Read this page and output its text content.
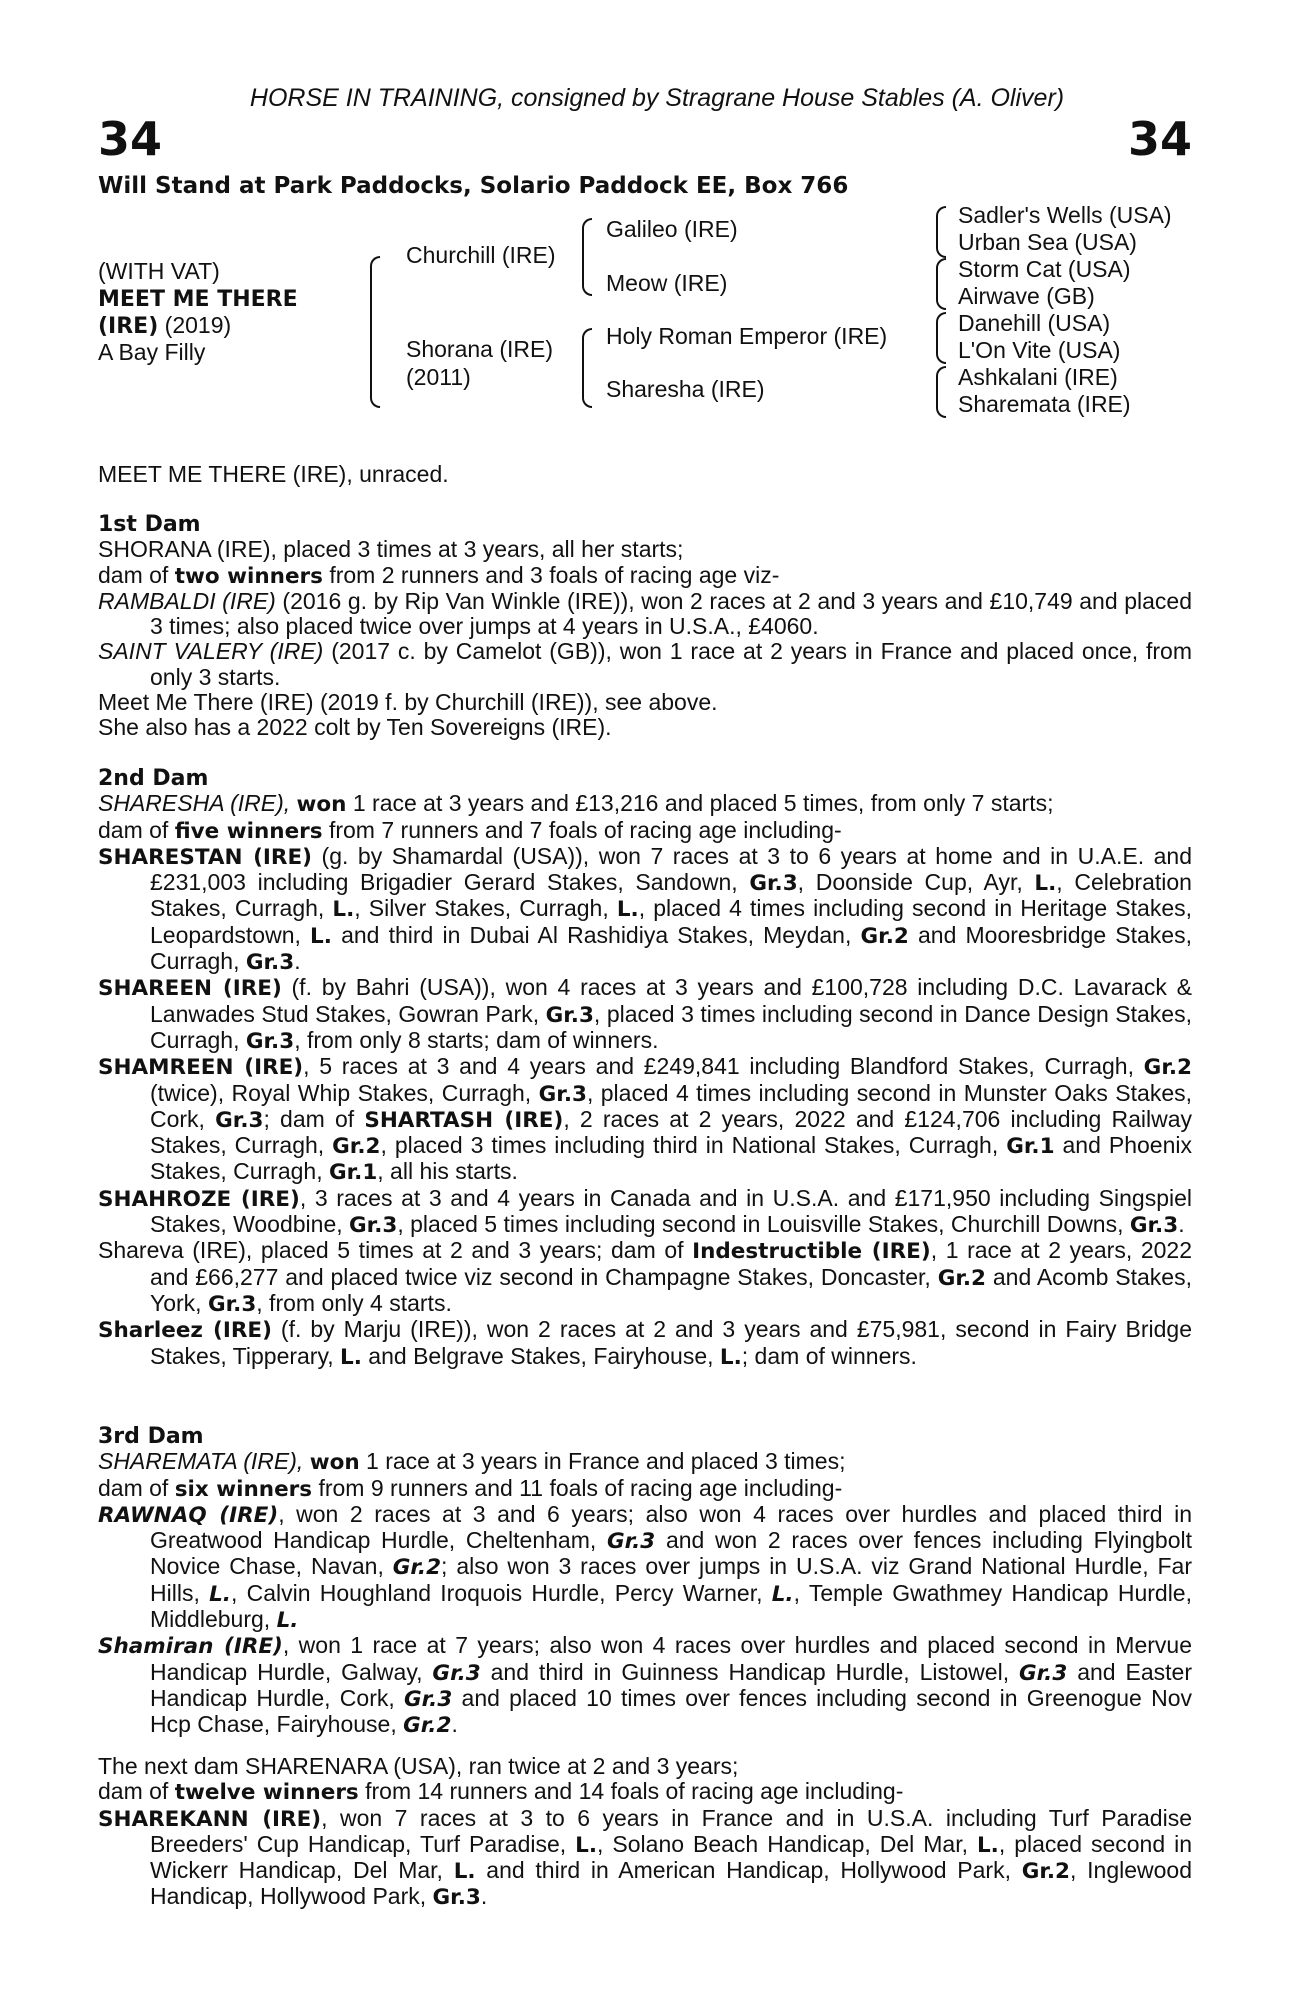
HORSE IN TRAINING, consigned by Stragrane House Stables (A. Oliver)
34	34
Will Stand at Park Paddocks, Solario Paddock EE, Box 766
(WITH VAT)
MEET ME THERE
(IRE) (2019)
A Bay Filly
Churchill (IRE)
Shorana (IRE)
(2011)
Galileo (IRE)
Meow (IRE)
Holy Roman Emperor (IRE)
Sharesha (IRE)
Sadler's Wells (USA)
Urban Sea (USA)
Storm Cat (USA)
Airwave (GB)
Danehill (USA)
L'On Vite (USA)
Ashkalani (IRE)
Sharemata (IRE)
MEET ME THERE (IRE), unraced.

1st Dam

SHORANA (IRE), placed 3 times at 3 years, all her starts;

dam of two winners from 2 runners and 3 foals of racing age viz-

RAMBALDI (IRE) (2016 g. by Rip Van Winkle (IRE)), won 2 races at 2 and 3 years and £10,749 and placed 3 times; also placed twice over jumps at 4 years in U.S.A., £4060.

SAINT VALERY (IRE) (2017 c. by Camelot (GB)), won 1 race at 2 years in France and placed once, from only 3 starts.

Meet Me There (IRE) (2019 f. by Churchill (IRE)), see above.

She also has a 2022 colt by Ten Sovereigns (IRE).

2nd Dam

SHARESHA (IRE), won 1 race at 3 years and £13,216 and placed 5 times, from only 7 starts;

dam of five winners from 7 runners and 7 foals of racing age including-

SHARESTAN (IRE) (g. by Shamardal (USA)), won 7 races at 3 to 6 years at home and in U.A.E. and £231,003 including Brigadier Gerard Stakes, Sandown, Gr.3, Doonside Cup, Ayr, L., Celebration Stakes, Curragh, L., Silver Stakes, Curragh, L., placed 4 times including second in Heritage Stakes, Leopardstown, L. and third in Dubai Al Rashidiya Stakes, Meydan, Gr.2 and Mooresbridge Stakes, Curragh, Gr.3.

SHAREEN (IRE) (f. by Bahri (USA)), won 4 races at 3 years and £100,728 including D.C. Lavarack & Lanwades Stud Stakes, Gowran Park, Gr.3, placed 3 times including second in Dance Design Stakes, Curragh, Gr.3, from only 8 starts; dam of winners.

SHAMREEN (IRE), 5 races at 3 and 4 years and £249,841 including Blandford Stakes, Curragh, Gr.2 (twice), Royal Whip Stakes, Curragh, Gr.3, placed 4 times including second in Munster Oaks Stakes, Cork, Gr.3; dam of SHARTASH (IRE), 2 races at 2 years, 2022 and £124,706 including Railway Stakes, Curragh, Gr.2, placed 3 times including third in National Stakes, Curragh, Gr.1 and Phoenix Stakes, Curragh, Gr.1, all his starts.

SHAHROZE (IRE), 3 races at 3 and 4 years in Canada and in U.S.A. and £171,950 including Singspiel Stakes, Woodbine, Gr.3, placed 5 times including second in Louisville Stakes, Churchill Downs, Gr.3.

Shareva (IRE), placed 5 times at 2 and 3 years; dam of Indestructible (IRE), 1 race at 2 years, 2022 and £66,277 and placed twice viz second in Champagne Stakes, Doncaster, Gr.2 and Acomb Stakes, York, Gr.3, from only 4 starts.

Sharleez (IRE) (f. by Marju (IRE)), won 2 races at 2 and 3 years and £75,981, second in Fairy Bridge Stakes, Tipperary, L. and Belgrave Stakes, Fairyhouse, L.; dam of winners.

3rd Dam

SHAREMATA (IRE), won 1 race at 3 years in France and placed 3 times;

dam of six winners from 9 runners and 11 foals of racing age including-

RAWNAQ (IRE), won 2 races at 3 and 6 years; also won 4 races over hurdles and placed third in Greatwood Handicap Hurdle, Cheltenham, Gr.3 and won 2 races over fences including Flyingbolt Novice Chase, Navan, Gr.2; also won 3 races over jumps in U.S.A. viz Grand National Hurdle, Far Hills, L., Calvin Houghland Iroquois Hurdle, Percy Warner, L., Temple Gwathmey Handicap Hurdle, Middleburg, L.

Shamiran (IRE), won 1 race at 7 years; also won 4 races over hurdles and placed second in Mervue Handicap Hurdle, Galway, Gr.3 and third in Guinness Handicap Hurdle, Listowel, Gr.3 and Easter Handicap Hurdle, Cork, Gr.3 and placed 10 times over fences including second in Greenogue Nov Hcp Chase, Fairyhouse, Gr.2.

The next dam SHARENARA (USA), ran twice at 2 and 3 years;

dam of twelve winners from 14 runners and 14 foals of racing age including-

SHAREKANN (IRE), won 7 races at 3 to 6 years in France and in U.S.A. including Turf Paradise Breeders' Cup Handicap, Turf Paradise, L., Solano Beach Handicap, Del Mar, L., placed second in Wickerr Handicap, Del Mar, L. and third in American Handicap, Hollywood Park, Gr.2, Inglewood Handicap, Hollywood Park, Gr.3.
